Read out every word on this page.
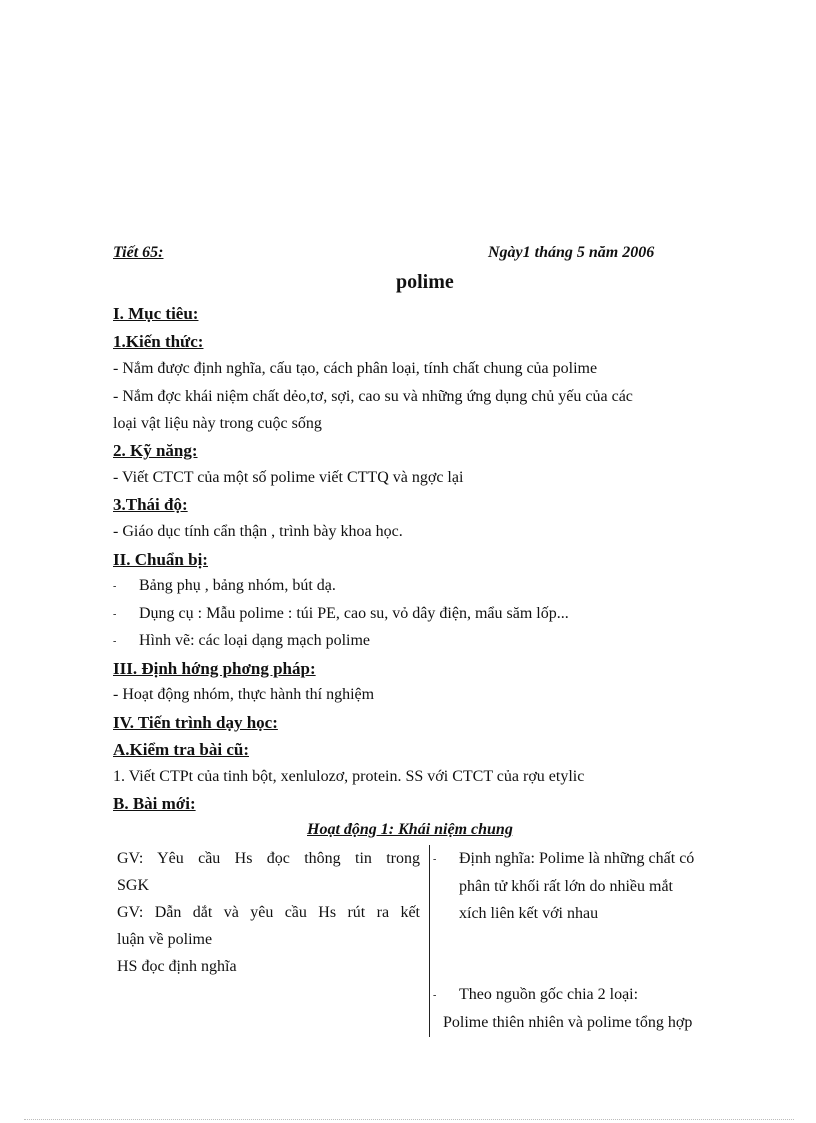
Tiết 65:	Ngày1 tháng 5 năm 2006
polime
I. Mục tiêu:
1.Kiến thức:
- Nắm được định nghĩa, cấu tạo, cách phân loại, tính chất chung của polime
- Nắm đợc khái niệm chất dẻo,tơ, sợi, cao su và những ứng dụng chủ yếu của các
loại vật liệu này trong cuộc sống
2. Kỹ năng:
- Viết CTCT của một số polime viết CTTQ và ngợc lại
3.Thái độ:
- Giáo dục tính cẩn thận , trình bày khoa học.
II. Chuẩn bị:
- Bảng phụ , bảng nhóm, bút dạ.
- Dụng cụ : Mẫu polime : túi PE, cao su, vỏ dây điện, mẩu săm lốp...
- Hình vẽ: các loại dạng mạch polime
III. Định hớng phơng pháp:
- Hoạt động nhóm, thực hành thí nghiệm
IV. Tiến trình dạy học:
A.Kiểm tra bài cũ:
1. Viết CTPt của tinh bột, xenlulozơ, protein. SS với CTCT của rợu etylic
B. Bài mới:
Hoạt động 1: Khái niệm chung
GV: Yêu cầu Hs đọc thông tin trong
SGK
GV: Dẫn dắt và yêu cầu Hs rút ra kết
luận về polime
HS đọc định nghĩa
- Định nghĩa: Polime là những chất có
phân tử khối rất lớn do nhiều mắt
xích liên kết với nhau
- Theo nguồn gốc chia 2 loại:
Polime thiên nhiên và polime tổng hợp
